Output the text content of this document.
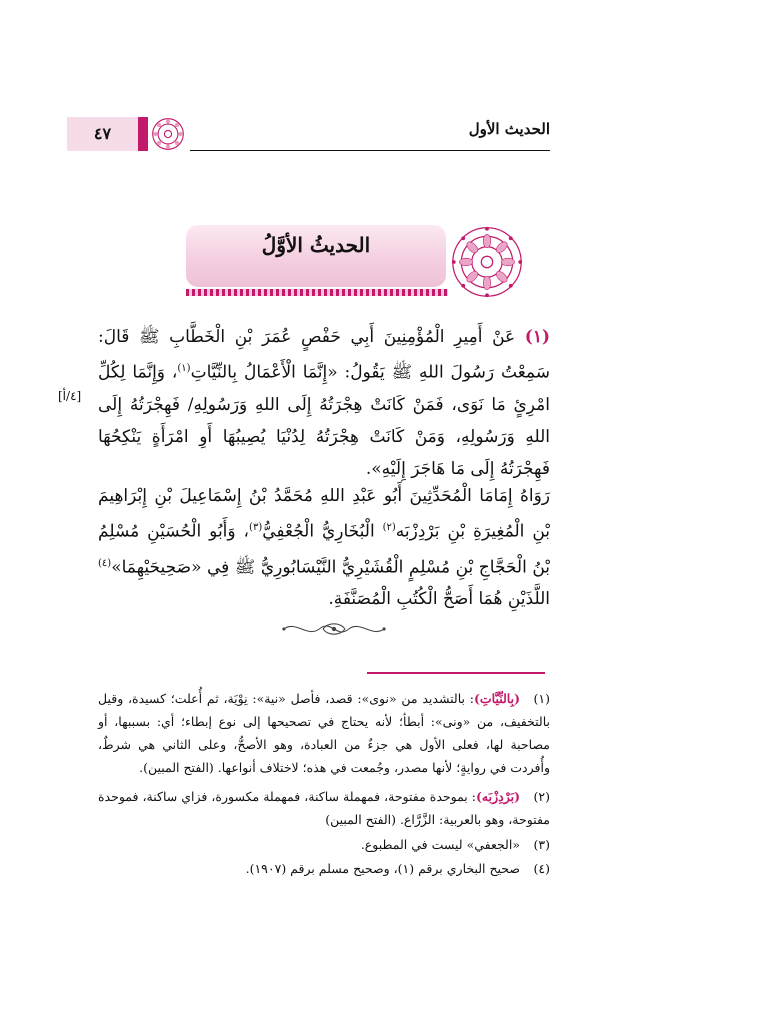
٤٧	الحديث الأول
الحديثُ الأوَّلُ
(١) عَنْ أَمِيرِ الْمُؤْمِنِينَ أَبِي حَفْصٍ عُمَرَ بْنِ الْخَطَّابِ ﷺ قَالَ: سَمِعْتُ رَسُولَ اللهِ ﷺ يَقُولُ: «إِنَّمَا الْأَعْمَالُ بِالنِّيَّاتِ$^{(١)}$، وَإِنَّمَا لِكُلِّ امْرِئٍ مَا نَوَى، فَمَنْ كَانَتْ هِجْرَتُهُ إِلَى اللهِ وَرَسُولِهِ/ فَهِجْرَتُهُ إِلَى اللهِ وَرَسُولِهِ، وَمَنْ كَانَتْ هِجْرَتُهُ لِدُنْيَا يُصِيبُهَا أَوِ امْرَأَةٍ يَنْكِحُهَا فَهِجْرَتُهُ إِلَى مَا هَاجَرَ إِلَيْهِ».
[٤/أ]
رَوَاهُ إِمَامَا الْمُحَدِّثِينَ أَبُو عَبْدِ اللهِ مُحَمَّدُ بْنُ إِسْمَاعِيلَ بْنِ إِبْرَاهِيمَ بْنِ الْمُغِيرَةِ بْنِ بَرْدِزْبَه$^{(٢)}$ الْبُخَارِيُّ الْجُعْفِيُّ$^{(٣)}$، وَأَبُو الْحُسَيْنِ مُسْلِمُ بْنُ الْحَجَّاجِ بْنِ مُسْلِمٍ الْقُشَيْرِيُّ النَّيْسَابُورِيُّ ﷺ فِي «صَحِيحَيْهِمَا»$^{(٤)}$ اللَّذَيْنِ هُمَا أَصَحُّ الْكُتُبِ الْمُصَنَّفَةِ.
(١)(بِالنِّيَّاتِ): بالتشديد من «نوى»: قصد، فأصل «نية»: نِوْيَة، ثم أُعلت؛ كسيدة، وقيل بالتخفيف، من «ونى»: أبطأ؛ لأنه يحتاج في تصحيحها إلى نوع إبطاء؛ أي: بسببها، أو مصاحبة لها، فعلى الأول هي جزءٌ من العبادة، وهو الأصحُّ، وعلى الثاني هي شرطٌ، وأُفردت في روايةٍ؛ لأنها مصدر، وجُمعت في هذه؛ لاختلاف أنواعها. (الفتح المبين).
(٢)(بَرْدِزْبَه): بموحدة مفتوحة، فمهملة ساكنة، فمهملة مكسورة، فزاي ساكنة، فموحدة مفتوحة، وهو بالعربية: الزَّرَّاع. (الفتح المبين)
(٣)«الجعفي» ليست في المطبوع.
(٤)صحيح البخاري برقم (١)، وصحيح مسلم برقم (١٩٠٧).
